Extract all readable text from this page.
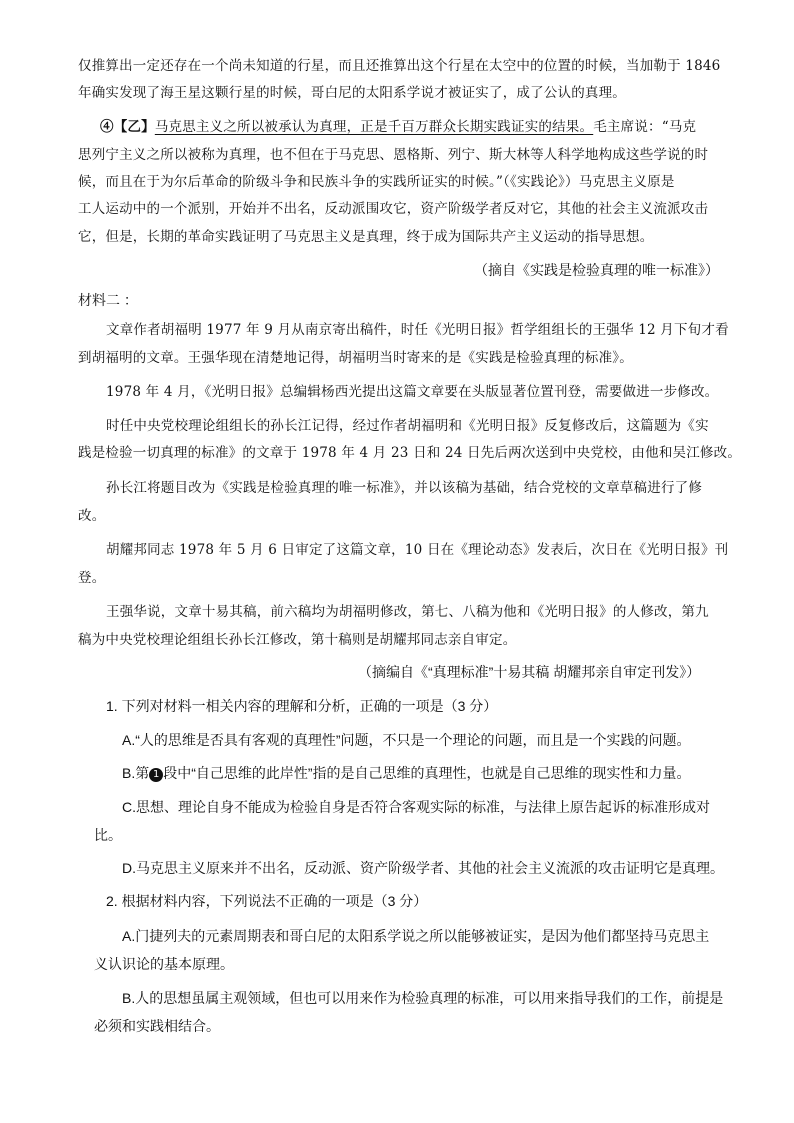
仅推算出一定还存在一个尚未知道的行星，而且还推算出这个行星在太空中的位置的时候，当加勒于 1846
年确实发现了海王星这颗行星的时候，哥白尼的太阳系学说才被证实了，成了公认的真理。
④【乙】马克思主义之所以被承认为真理，正是千百万群众长期实践证实的结果。毛主席说：“马克
思列宁主义之所以被称为真理，也不但在于马克思、恩格斯、列宁、斯大林等人科学地构成这些学说的时
候，而且在于为尔后革命的阶级斗争和民族斗争的实践所证实的时候。”（《实践论》）马克思主义原是
工人运动中的一个派别，开始并不出名，反动派围攻它，资产阶级学者反对它，其他的社会主义流派攻击
它，但是，长期的革命实践证明了马克思主义是真理，终于成为国际共产主义运动的指导思想。
（摘自《实践是检验真理的唯一标准》）
材料二 ：
文章作者胡福明 1977 年 9 月从南京寄出稿件，时任《光明日报》哲学组组长的王强华 12 月下旬才看
到胡福明的文章。王强华现在清楚地记得，胡福明当时寄来的是《实践是检验真理的标准》。
1978 年 4 月，《光明日报》总编辑杨西光提出这篇文章要在头版显著位置刊登，需要做进一步修改。
时任中央党校理论组组长的孙长江记得，经过作者胡福明和《光明日报》反复修改后，这篇题为《实
践是检验一切真理的标准》的文章于 1978 年 4 月 23 日和 24 日先后两次送到中央党校，由他和吴江修改。
孙长江将题目改为《实践是检验真理的唯一标准》，并以该稿为基础，结合党校的文章草稿进行了修
改。
胡耀邦同志 1978 年 5 月 6 日审定了这篇文章，10 日在《理论动态》发表后，次日在《光明日报》刊
登。
王强华说，文章十易其稿，前六稿均为胡福明修改，第七、八稿为他和《光明日报》的人修改，第九
稿为中央党校理论组组长孙长江修改，第十稿则是胡耀邦同志亲自审定。
（摘编自《“真理标准”十易其稿 胡耀邦亲自审定刊发》）
1. 下列对材料一相关内容的理解和分析，正确的一项是（3 分）
A.“人的思维是否具有客观的真理性”问题，不只是一个理论的问题，而且是一个实践的问题。
B.第 1 段中“自己思维的此岸性”指的是自己思维的真理性，也就是自己思维的现实性和力量。
C.思想、理论自身不能成为检验自身是否符合客观实际的标准，与法律上原告起诉的标准形成对
比。
D.马克思主义原来并不出名，反动派、资产阶级学者、其他的社会主义流派的攻击证明它是真理。
2. 根据材料内容，下列说法不正确的一项是（3 分）
A.门捷列夫的元素周期表和哥白尼的太阳系学说之所以能够被证实，是因为他们都坚持马克思主
义认识论的基本原理。
B.人的思想虽属主观领域，但也可以用来作为检验真理的标准，可以用来指导我们的工作，前提是
必须和实践相结合。
